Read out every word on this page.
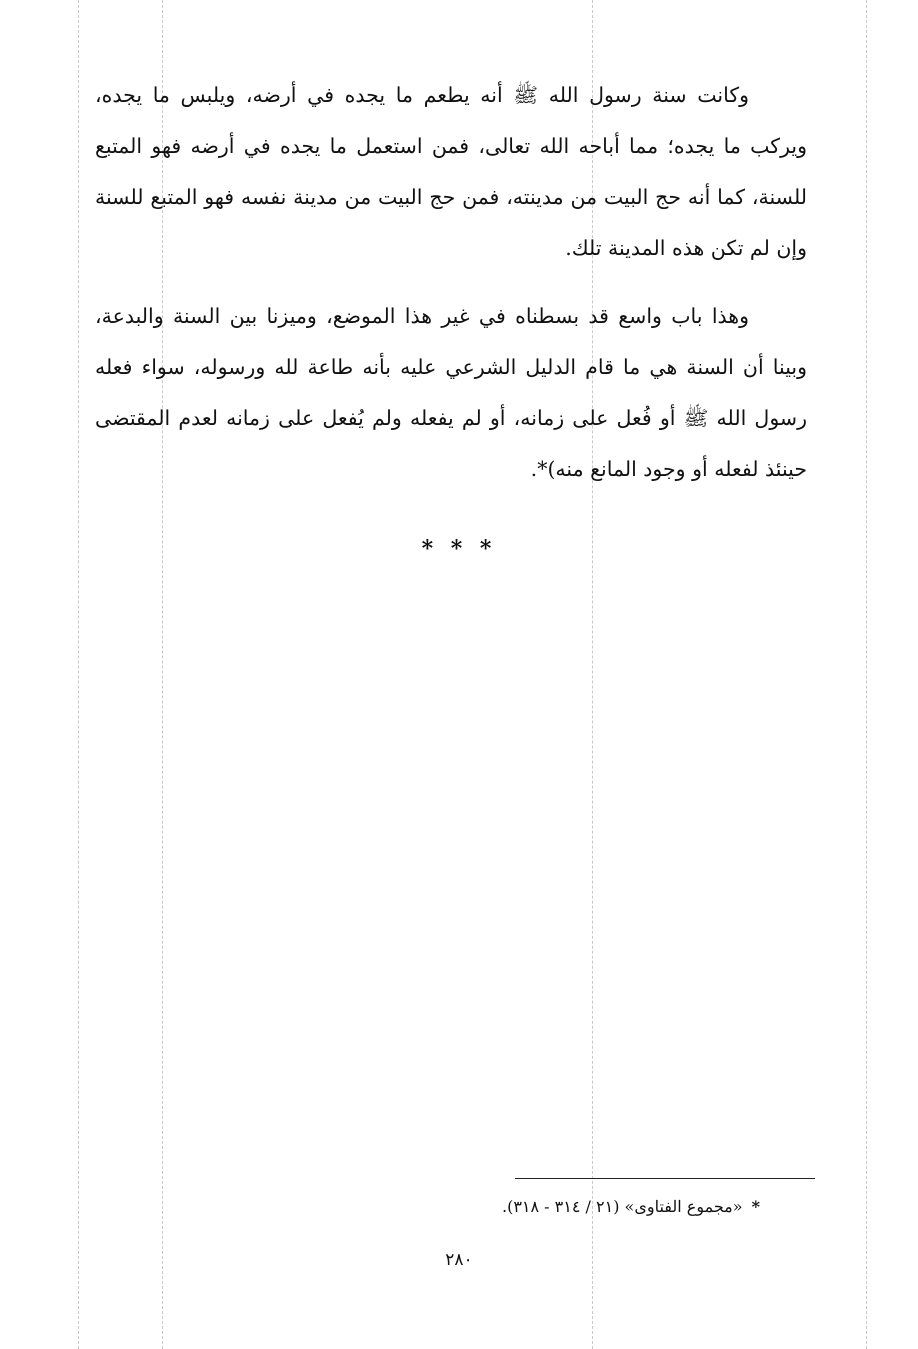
وكانت سنة رسول الله ﷺ أنه يطعم ما يجده في أرضه، ويلبس ما يجده، ويركب ما يجده؛ مما أباحه الله تعالى، فمن استعمل ما يجده في أرضه فهو المتبع للسنة، كما أنه حج البيت من مدينته، فمن حج البيت من مدينة نفسه فهو المتبع للسنة وإن لم تكن هذه المدينة تلك.

وهذا باب واسع قد بسطناه في غير هذا الموضع، وميزنا بين السنة والبدعة، وبينا أن السنة هي ما قام الدليل الشرعي عليه بأنه طاعة لله ورسوله، سواء فعله رسول الله ﷺ أو فُعل على زمانه، أو لم يفعله ولم يُفعل على زمانه لعدم المقتضى حينئذ لفعله أو وجود المانع منه)*.

* * *
* «مجموع الفتاوى» (٢١ / ٣١٤ - ٣١٨).
٢٨٠
